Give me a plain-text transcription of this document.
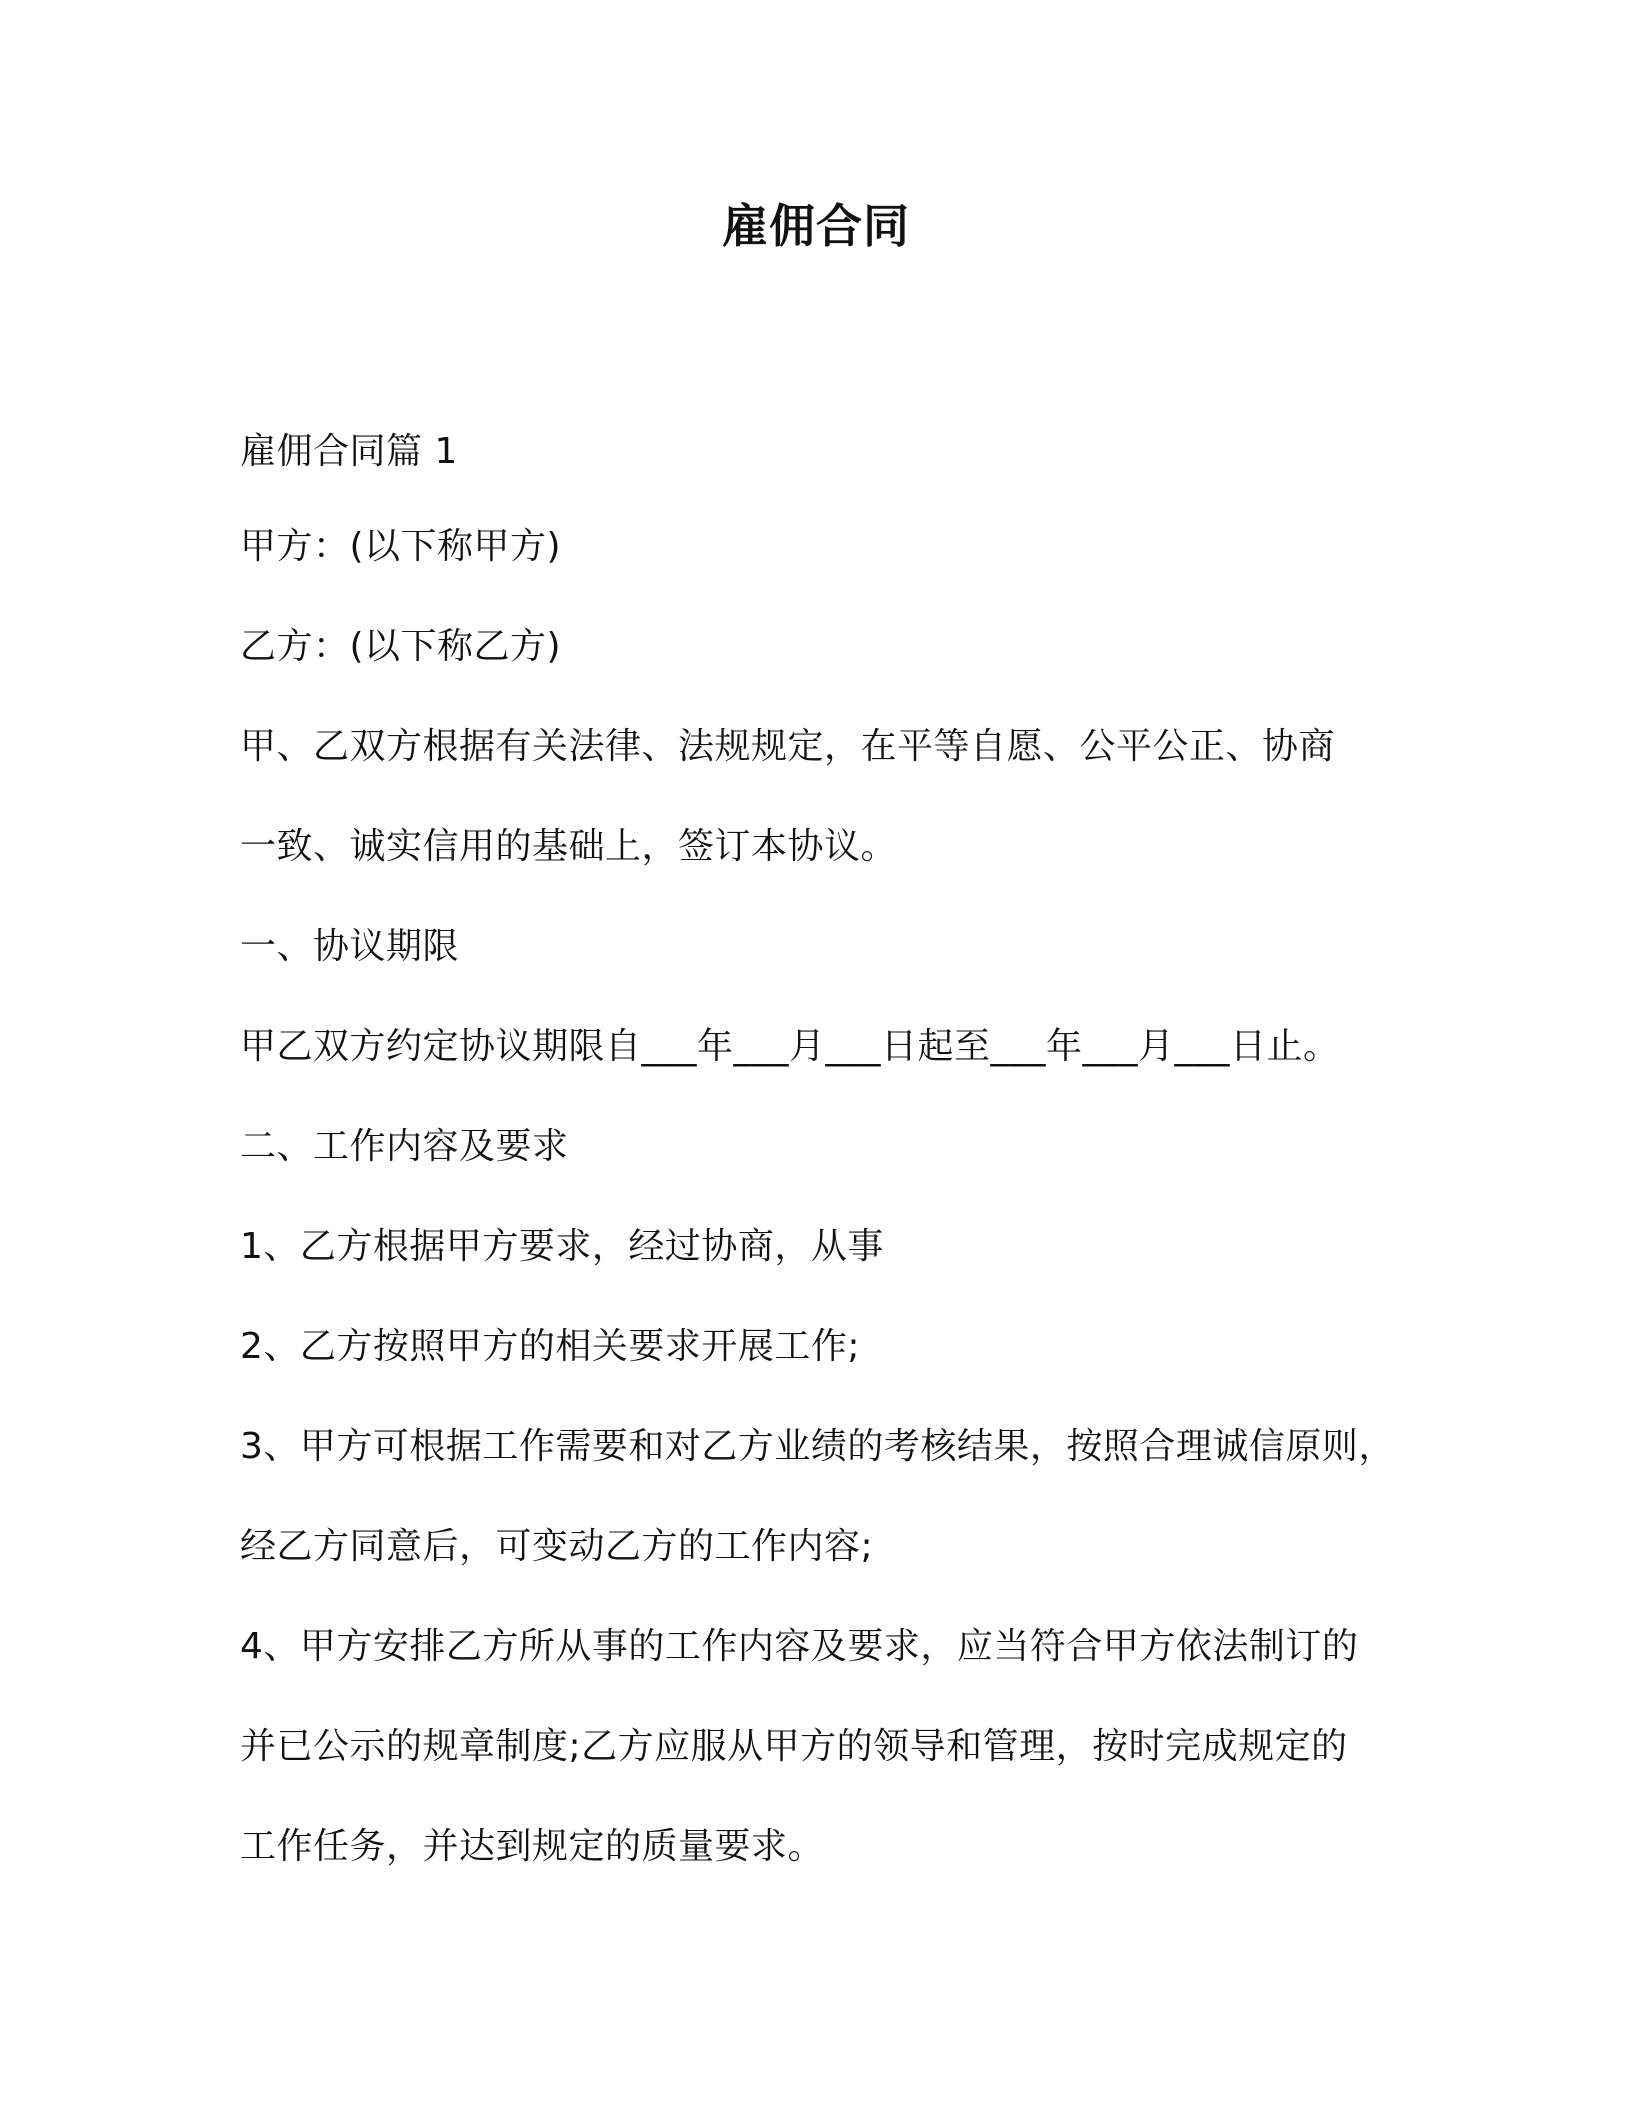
雇佣合同

雇佣合同篇 1

甲方：(以下称甲方)

乙方：(以下称乙方)

甲、乙双方根据有关法律、法规规定，在平等自愿、公平公正、协商

一致、诚实信用的基础上，签订本协议。

一、协议期限

甲乙双方约定协议期限自___年___月___日起至___年___月___日止。

二、工作内容及要求

1、乙方根据甲方要求，经过协商，从事

2、乙方按照甲方的相关要求开展工作;

3、甲方可根据工作需要和对乙方业绩的考核结果，按照合理诚信原则，

经乙方同意后，可变动乙方的工作内容;

4、甲方安排乙方所从事的工作内容及要求，应当符合甲方依法制订的

并已公示的规章制度;乙方应服从甲方的领导和管理，按时完成规定的

工作任务，并达到规定的质量要求。
